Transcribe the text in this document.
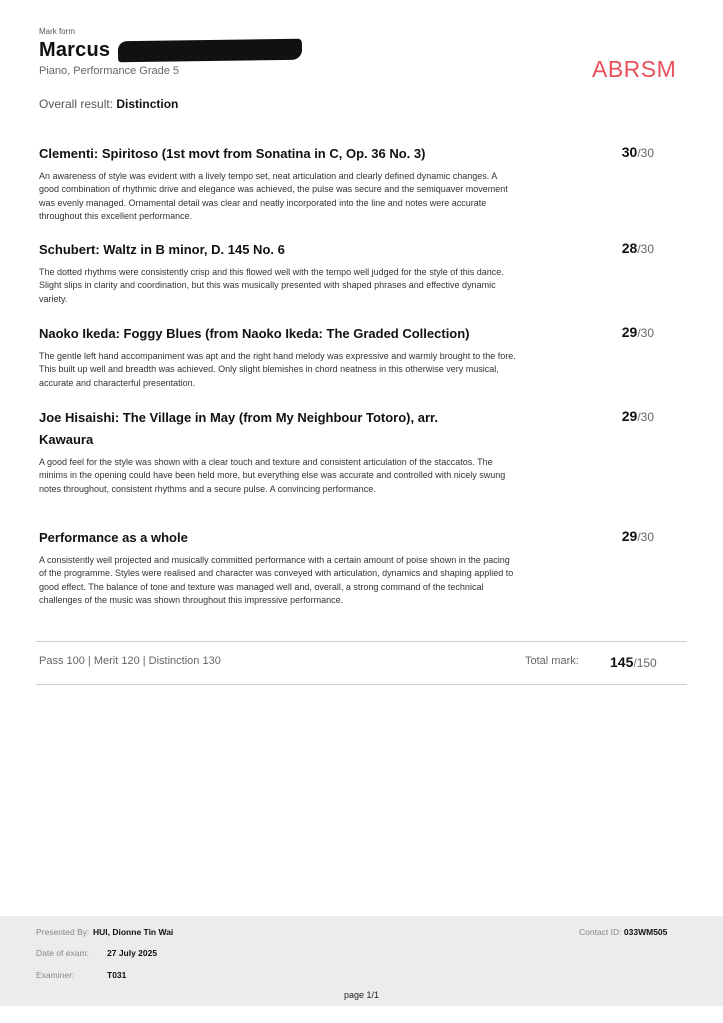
Mark form
Marcus
Piano, Performance Grade 5	ABRSM
Overall result: Distinction
Clementi: Spiritoso (1st movt from Sonatina in C, Op. 36 No. 3)	30/30

An awareness of style was evident with a lively tempo set, neat articulation and clearly defined dynamic changes. A good combination of rhythmic drive and elegance was achieved, the pulse was secure and the semiquaver movement was evenly managed. Ornamental detail was clear and neatly incorporated into the line and notes were accurate throughout this excellent performance.

Schubert: Waltz in B minor, D. 145 No. 6	28/30

The dotted rhythms were consistently crisp and this flowed well with the tempo well judged for the style of this dance. Slight slips in clarity and coordination, but this was musically presented with shaped phrases and effective dynamic variety.

Naoko Ikeda: Foggy Blues (from Naoko Ikeda: The Graded Collection)	29/30

The gentle left hand accompaniment was apt and the right hand melody was expressive and warmly brought to the fore. This built up well and breadth was achieved. Only slight blemishes in chord neatness in this otherwise very musical, accurate and characterful presentation.

Joe Hisaishi: The Village in May (from My Neighbour Totoro), arr. Kawaura
29/30

A good feel for the style was shown with a clear touch and texture and consistent articulation of the staccatos. The minims in the opening could have been held more, but everything else was accurate and controlled with nicely swung notes throughout, consistent rhythms and a secure pulse. A convincing performance.

Performance as a whole	29/30

A consistently well projected and musically committed performance with a certain amount of poise shown in the pacing of the programme. Styles were realised and character was conveyed with articulation, dynamics and shaping applied to good effect. The balance of tone and texture was managed well and, overall, a strong command of the technical challenges of the music was shown throughout this impressive performance.

Pass 100 | Merit 120 | Distinction 130	Total mark: 145/150
Presented By: HUI, Dionne Tin Wai
Date of exam: 27 July 2025
Examiner:	T031
Contact ID: 033WM505
page 1/1
